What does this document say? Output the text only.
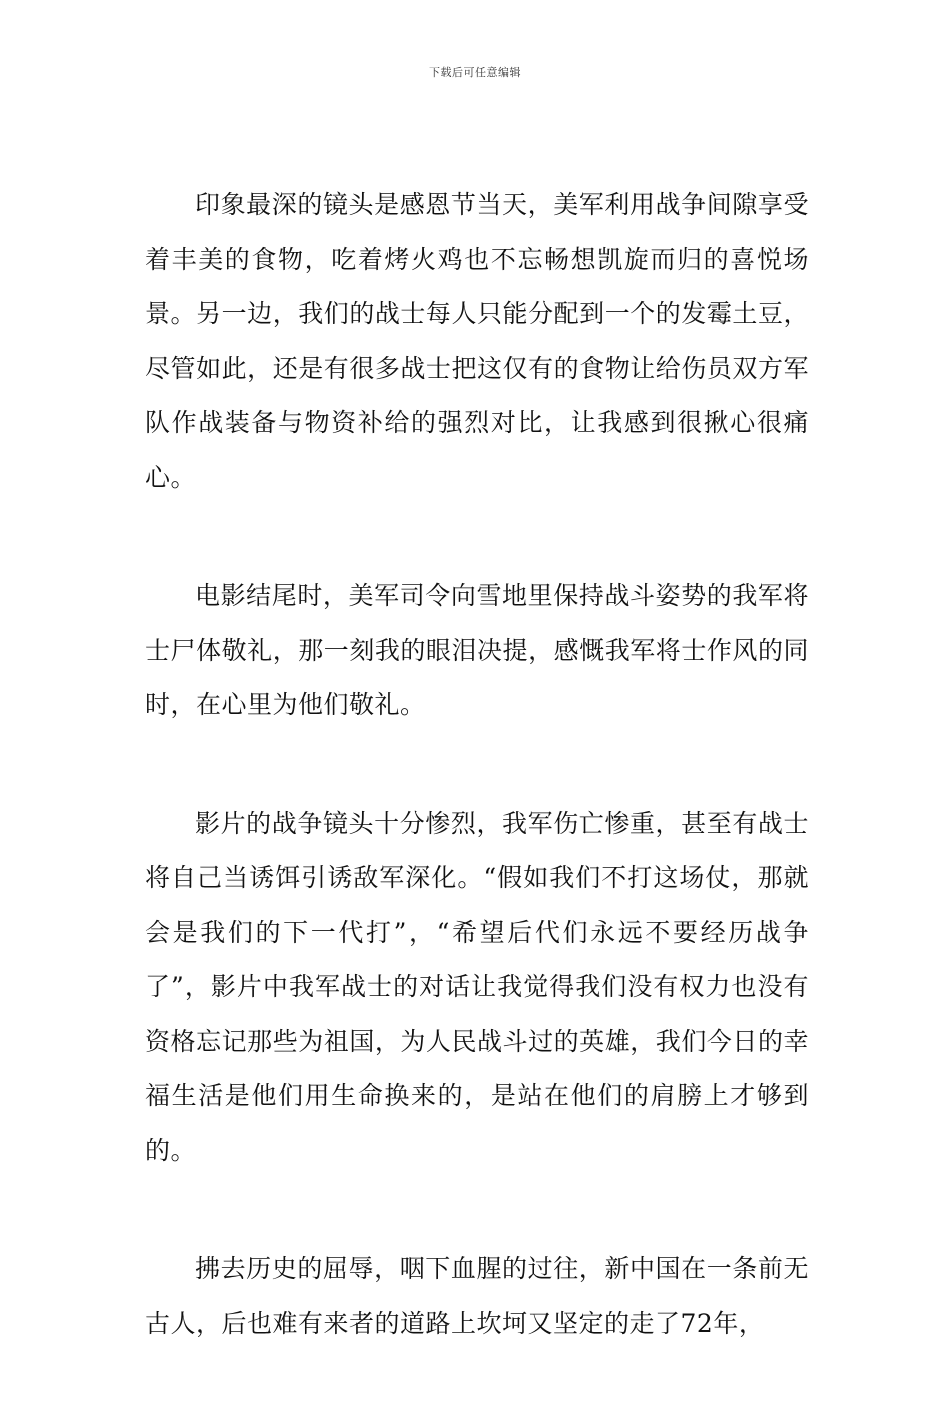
下载后可任意编辑

印象最深的镜头是感恩节当天，美军利用战争间隙享受着丰美的食物，吃着烤火鸡也不忘畅想凯旋而归的喜悦场景。另一边，我们的战士每人只能分配到一个的发霉土豆，尽管如此，还是有很多战士把这仅有的食物让给伤员双方军队作战装备与物资补给的强烈对比，让我感到很揪心很痛心。

电影结尾时，美军司令向雪地里保持战斗姿势的我军将士尸体敬礼，那一刻我的眼泪决提，感慨我军将士作风的同时，在心里为他们敬礼。

影片的战争镜头十分惨烈，我军伤亡惨重，甚至有战士将自己当诱饵引诱敌军深化。“假如我们不打这场仗，那就会是我们的下一代打”，“希望后代们永远不要经历战争了”，影片中我军战士的对话让我觉得我们没有权力也没有资格忘记那些为祖国，为人民战斗过的英雄，我们今日的幸福生活是他们用生命换来的，是站在他们的肩膀上才够到的。

拂去历史的屈辱，咽下血腥的过往，新中国在一条前无古人，后也难有来者的道路上坎坷又坚定的走了72年，
